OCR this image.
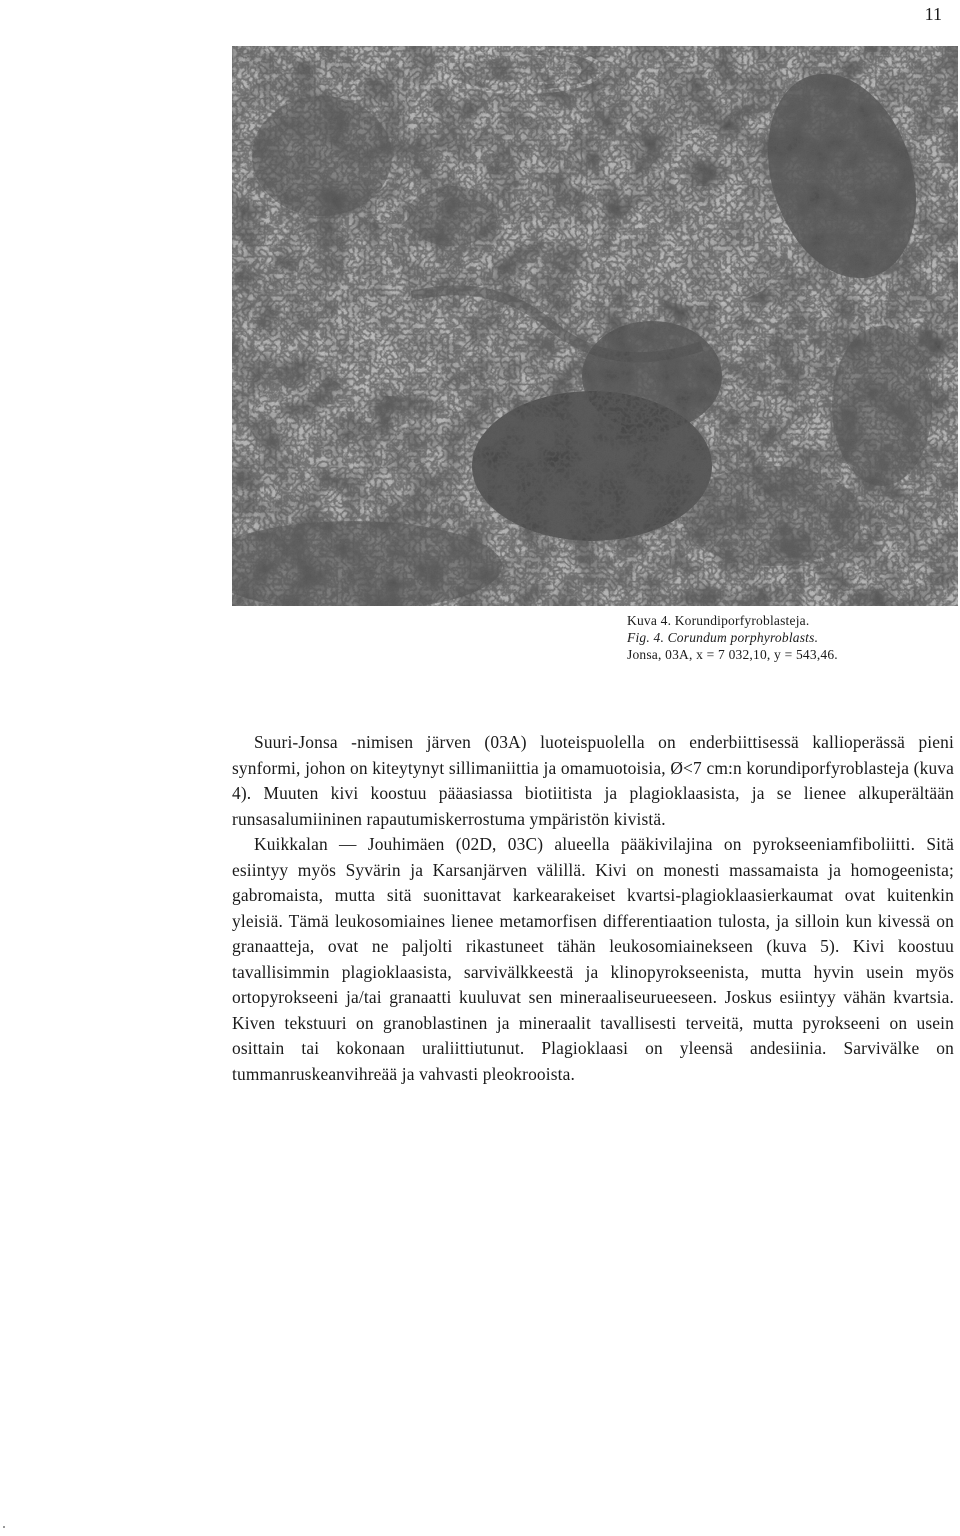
11
Kuva 4. Korundiporfyroblasteja.
Fig. 4. Corundum porphyroblasts.
Jonsa, 03A, x = 7 032,10, y = 543,46.

Suuri-Jonsa -nimisen järven (03A) luoteispuolella on enderbiittisessä kallioperässä pieni synformi, johon on kiteytynyt sillimaniittia ja omamuotoisia, Ø<7 cm:n korundiporfyroblasteja (kuva 4). Muuten kivi koostuu pääasiassa biotiitista ja plagioklaasista, ja se lienee alkuperältään runsasalumiininen rapautumiskerrostuma ympäristön kivistä.

Kuikkalan — Jouhimäen (02D, 03C) alueella pääkivilajina on pyrokseeniamfiboliitti. Sitä esiintyy myös Syvärin ja Karsanjärven välillä. Kivi on monesti massamaista ja homogeenista; gabromaista, mutta sitä suonittavat karkearakeiset kvartsi-plagioklaasierkaumat ovat kuitenkin yleisiä. Tämä leukosomiaines lienee metamorfisen differentiaation tulosta, ja silloin kun kivessä on granaatteja, ovat ne paljolti rikastuneet tähän leukosomiainekseen (kuva 5). Kivi koostuu tavallisimmin plagioklaasista, sarvivälkkeestä ja klinopyrokseenista, mutta hyvin usein myös ortopyrokseeni ja/tai granaatti kuuluvat sen mineraaliseurueeseen. Joskus esiintyy vähän kvartsia. Kiven tekstuuri on granoblastinen ja mineraalit tavallisesti terveitä, mutta pyrokseeni on usein osittain tai kokonaan uraliittiutunut. Plagioklaasi on yleensä andesiinia. Sarvivälke on tummanruskeanvihreää ja vahvasti pleokrooista.
